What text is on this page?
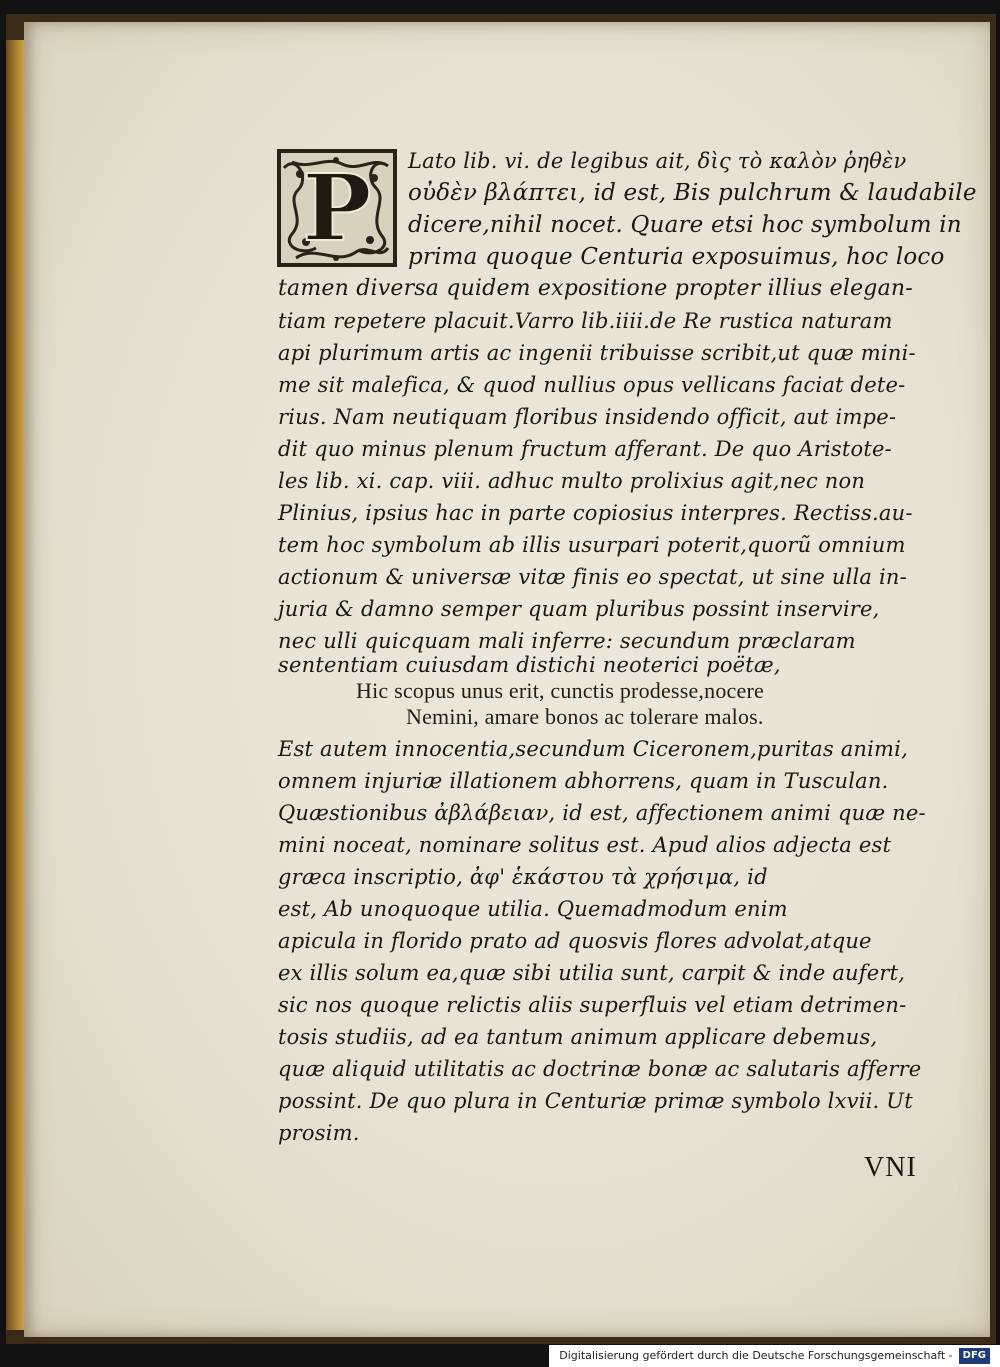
P Lato lib. vi. de legibus ait, δὶς τὸ καλὸν ῥηθὲν
οὐδὲν βλάπτει, id est, Bis pulchrum & laudabile
dicere,nihil nocet. Quare etsi hoc symbolum in
prima quoque Centuria exposuimus, hoc loco
tamen diversa quidem expositione propter illius elegan-
tiam repetere placuit.Varro lib.iiii.de Re rustica naturam
api plurimum artis ac ingenii tribuisse scribit,ut quæ mini-
me sit malefica, & quod nullius opus vellicans faciat dete-
rius. Nam neutiquam floribus insidendo officit, aut impe-
dit quo minus plenum fructum afferant. De quo Aristote-
les lib. xi. cap. viii. adhuc multo prolixius agit,nec non
Plinius, ipsius hac in parte copiosius interpres. Rectiss.au-
tem hoc symbolum ab illis usurpari poterit,quorũ omnium
actionum & universæ vitæ finis eo spectat, ut sine ulla in-
juria & damno semper quam pluribus possint inservire,
nec ulli quicquam mali inferre: secundum præclaram
sententiam cuiusdam distichi neoterici poëtæ,
Hic scopus unus erit, cunctis prodesse,nocere
Nemini, amare bonos ac tolerare malos.
Est autem innocentia,secundum Ciceronem,puritas animi,
omnem injuriæ illationem abhorrens, quam in Tusculan.
Quæstionibus ἀβλάβειαν, id est, affectionem animi quæ ne-
mini noceat, nominare solitus est. Apud alios adjecta est
græca inscriptio, ἀφ' ἑκάστου τὰ χρήσιμα, id
est, Ab unoquoque utilia. Quemadmodum enim
apicula in florido prato ad quosvis flores advolat,atque
ex illis solum ea,quæ sibi utilia sunt, carpit & inde aufert,
sic nos quoque relictis aliis superfluis vel etiam detrimen-
tosis studiis, ad ea tantum animum applicare debemus,
quæ aliquid utilitatis ac doctrinæ bonæ ac salutaris afferre
possint. De quo plura in Centuriæ primæ symbolo lxvii. Ut
prosim.
VNI
Digitalisierung gefördert durch die Deutsche Forschungsgemeinschaft -	DFG
